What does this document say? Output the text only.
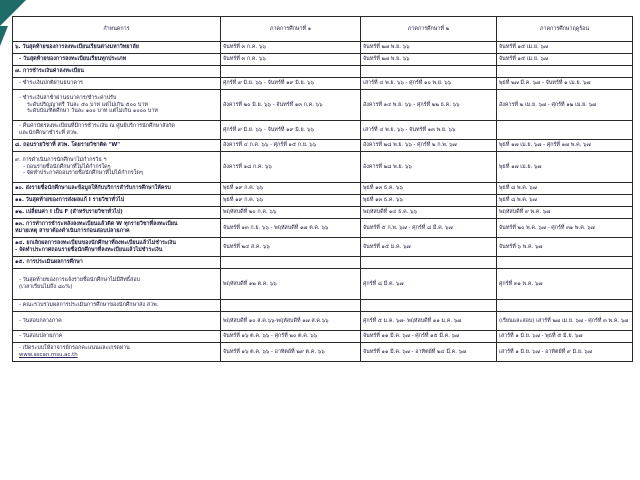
กำหนดการ	ภาคการศึกษาที่ ๑	ภาคการศึกษาที่ ๒	ภาคการศึกษาฤดูร้อน

๖. วันสุดท้ายของการลงทะเบียนเรียนต่างมหาวิทยาลัย	จันทร์ที่ ๓ ก.ค. ๖๖	จันทร์ที่ ๒๗ พ.ย. ๖๖	จันทร์ที่ ๑๕ เม.ย. ๖๗

- วันสุดท้ายของการลงทะเบียนเรียนทุกประเภท	จันทร์ที่ ๓ ก.ค. ๖๖	จันทร์ที่ ๒๗ พ.ย. ๖๖	จันทร์ที่ ๑๕ เม.ย. ๖๗

๗. การชำระเงินค่าลงทะเบียน			

- ชำระเงินปกติผ่านธนาคาร	ศุกร์ที่ ๙ มิ.ย. ๖๖ - จันทร์ที่ ๑๙ มิ.ย. ๖๖	เสาร์ที่ ๔ พ.ย. ๖๖ - ศุกร์ที่ ๑๐ พ.ย. ๖๖	พุธที่ ๒๗ มี.ค. ๖๗ - จันทร์ที่ ๑ เม.ย. ๖๗

- ชำระเงินล่าช้าผ่านธนาคาร/ชำระค่าปรับ
ระดับปริญญาตรี วันละ ๕๐ บาท แต่ไม่เกิน ๕๐๐ บาท
ระดับบัณฑิตศึกษา วันละ ๑๐๐ บาท แต่ไม่เกิน ๑๐๐๐ บาท	อังคารที่ ๒๐ มิ.ย. ๖๖ - จันทร์ที่ ๑๓ ก.ค. ๖๖	อังคารที่ ๑๔ พ.ย. ๖๖ - ศุกร์ที่ ๒๒ ธ.ค. ๖๖	อังคารที่ ๒ เม.ย. ๖๗ - ศุกร์ที่ ๑๒ เม.ย. ๖๗

- คืนค่าบัตรลงทะเบียนที่มีการชำระเงิน ณ ศูนย์บริการนักศึกษาสังกัด
และนักศึกษาชำระที่ สวพ.	ศุกร์ที่ ๙ มิ.ย. ๖๖ - จันทร์ที่ ๑๙ มิ.ย. ๖๖	เสาร์ที่ ๔ พ.ย. ๖๖ - จันทร์ที่ ๑๓ พ.ย. ๖๖	

๘. ถอนรายวิชาที่ สวพ. โดยรายวิชาติด "W"	อังคารที่ ๔ ก.ค. ๖๖ - ศุกร์ที่ ๑๕ ก.ย. ๖๖	อังคารที่ ๒๘ พ.ย. ๖๖ - ศุกร์ที่ ๒ ก.พ. ๖๗	พุธที่ ๑๗ เม.ย. ๖๗ - ศุกร์ที่ ๑๗ พ.ค. ๖๗

๙. การดำเนินการนักศึกษาไม่กำกรวิธ ฯ
- ถอนรายชื่อนักศึกษาที่ไม่ได้กำกรใดๆ
- จัดทำประกาศถอนรายชื่อนักศึกษาที่ไม่ได้กำกรใดๆ	อังคารที่ ๑๘ ก.ค. ๖๖	อังคารที่ ๒๘ พ.ย. ๖๖	พุธที่ ๑๗ เม.ย. ๖๗

๑๐. ส่งรายชื่อนักศึกษาและข้อมูลให้กับบริการสำรับการศึกษาให้ครบ	พุธที่ ๑๙ ก.ค. ๖๖	พุธที่ ๑๓ ธ.ค. ๖๖	พุธที่ ๘ พ.ค. ๖๗

๑๑. วันสุดท้ายของการส่งผลแก้ I รายวิชาทั่วไป	พุธที่ ๑๙ ก.ค. ๖๖	พุธที่ ๑๓ ธ.ค. ๖๖	พุธที่ ๘ พ.ค. ๖๗

๑๒. เปลี่ยนค่า I เป็น F (สำหรับรายวิชาทั่วไป)	พฤหัสบดีที่ ๒๐ ก.ค. ๖๖	พฤหัสบดีที่ ๑๔ ธ.ค. ๖๖	พฤหัสบดีที่ ๙ พ.ค. ๖๗

๑๓. การทำการชำระหลังลงทะเบียนแล้วติด W ทุกรายวิชาที่ลงทะเบียน
หมายเหตุ สาขาต้องดำเนินการก่อนสอบปลายภาค	จันทร์ที่ ๑๓ ก.ย. ๖๖ - พฤหัสบดีที่ ๑๗ ต.ค. ๖๖	จันทร์ที่ ๕ ก.พ. ๖๗ - ศุกร์ที่ ๘ มี.ค. ๖๗	จันทร์ที่ ๒๐ พ.ค. ๖๗ - ศุกร์ที่ ๓๑ พ.ค. ๖๗

๑๔. ยกเลิกผลการลงทะเบียนของนักศึกษาที่ลงทะเบียนแล้วไม่ชำระเงิน
- จัดทำประกาศถอนรายชื่อนักศึกษาที่ลงทะเบียนแล้วไม่ชำระเงิน	จันทร์ที่ ๒๔ ส.ค. ๖๖	จันทร์ที่ ๑๕ ม.ค. ๖๗	จันทร์ที่ ๖ พ.ค. ๖๗

๑๕. การประเมินผลการศึกษา			

- วันสุดท้ายของการแจ้งรายชื่อนักศึกษาไม่มีสิทธิ์สอบ
(เวลาเรียนไม่ถึง ๘๐%)	พฤหัสบดีที่ ๑๒ ต.ค. ๖๖	ศุกร์ที่ ๘ มี.ค. ๖๗	ศุกร์ที่ ๓๑ พ.ค. ๖๗

- คณะรวบรวมผลการประเมินการศึกษาของนักศึกษาส่ง สวพ.			

- วันสอบกลางภาค	พฤหัสบดีที่ ๑๐ ส.ค.๖๖-พฤหัสบดีที่ ๑๗ ส.ค.๖๖	ศุกร์ที่ ๕ ม.ค. ๖๗- พฤหัสบดีที่ ๑๑ ม.ค. ๖๗	(เรียนและสอบ) เสาร์ที่ ๒๗ เม.ย. ๖๗ - ศุกร์ที่ ๓ พ.ค. ๖๗

- วันสอบปลายภาค	จันทร์ที่ ๑๖ ต.ค. ๖๖ - ศุกร์ที่ ๒๐ ต.ค. ๖๖	จันทร์ที่ ๑๑ มี.ค. ๖๗ - ศุกร์ที่ ๑๕ มี.ค. ๖๗	เสาร์ที่ ๑ มิ.ย. ๖๗ - พุธที่ ๕ มิ.ย. ๖๗

- เปิดระบบให้อาจารย์กรอกคะแนนและเกรดผ่าน
www.ascan.msu.ac.th	จันทร์ที่ ๑๖ ต.ค. ๖๖ - อาทิตย์ที่ ๒๙ ต.ค. ๖๖	จันทร์ที่ ๑๑ มี.ค. ๖๗ - อาทิตย์ที่ ๒๔ มี.ค. ๖๗	เสาร์ที่ ๑ มิ.ย. ๖๗ - อาทิตย์ที่ ๙ มิ.ย. ๖๗
